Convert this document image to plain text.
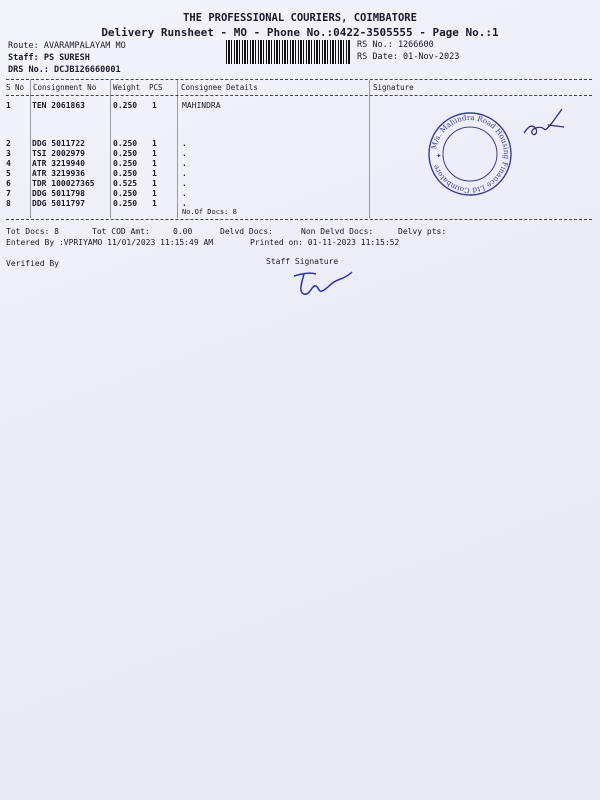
THE PROFESSIONAL COURIERS, COIMBATORE
Delivery Runsheet - MO - Phone No.:0422-3505555 - Page No.:1
Route: AVARAMPALAYAM MO
Staff: PS SURESH
DRS No.: DCJB126660001
RS No.: 1266600
RS Date: 01-Nov-2023
S No Consignment No Weight PCS Consignee Details	Signature
1	TEN 2061863	0.250 1	MAHINDRA
2	DDG 5011722	0.250 1	.
3	TSI 2002979	0.250 1	.
4	ATR 3219940	0.250 1	.
5	ATR 3219936	0.250 1	.
6	TDR 100027365 0.525 1	.
7	DDG 5011798	0.250 1	.
8	DDG 5011797	0.250 1	.
No.Of Docs: 8
M/s. Mahindra Road Housing Finance Ltd Coimbatore
✦
Tot Docs: 8	Tot COD Amt:	0.00	Delvd Docs:	Non Delvd Docs:	Delvy pts:
Entered By :VPRIYAMO 11/01/2023 11:15:49 AM	Printed on: 01-11-2023 11:15:52
Verified By	Staff Signature
